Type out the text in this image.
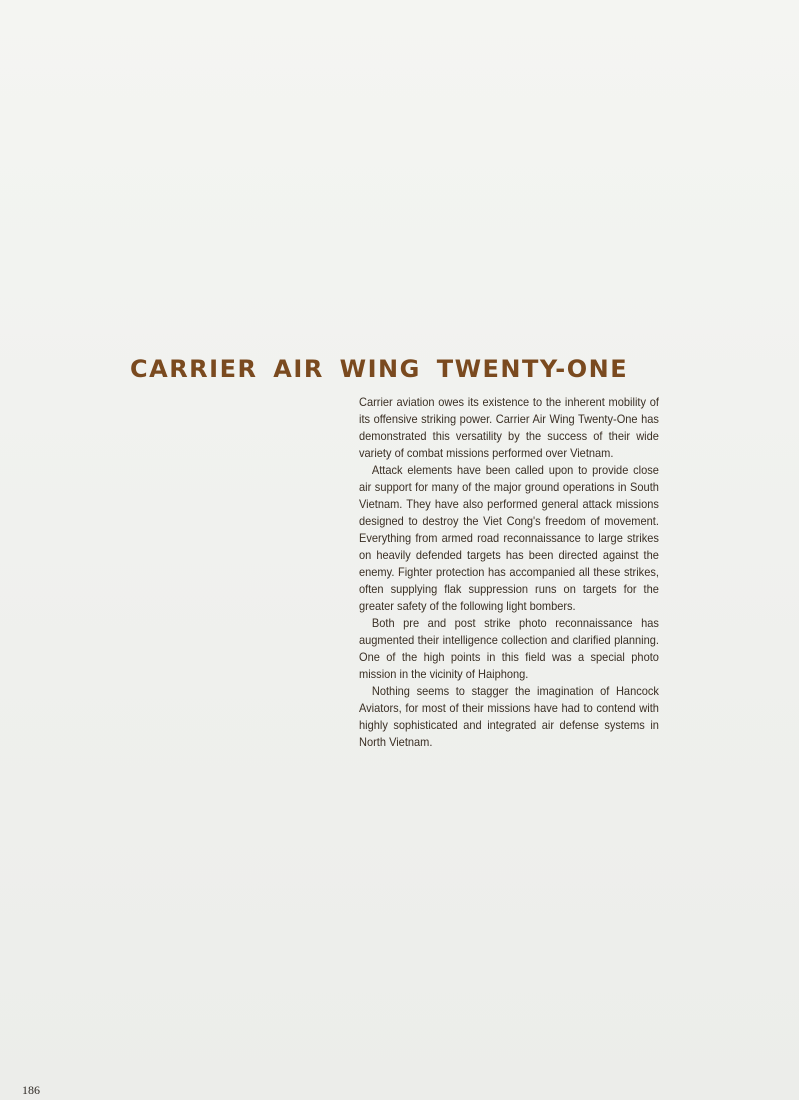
CARRIER AIR WING TWENTY-ONE

Carrier aviation owes its existence to the inherent mobility of its offensive striking power. Carrier Air Wing Twenty-One has demonstrated this versatility by the success of their wide variety of combat missions performed over Vietnam.

Attack elements have been called upon to provide close air support for many of the major ground operations in South Vietnam. They have also performed general attack missions designed to destroy the Viet Cong's freedom of movement. Everything from armed road reconnaissance to large strikes on heavily defended targets has been directed against the enemy. Fighter protection has accompanied all these strikes, often supplying flak suppression runs on targets for the greater safety of the following light bombers.

Both pre and post strike photo reconnaissance has augmented their intelligence collection and clarified planning. One of the high points in this field was a special photo mission in the vicinity of Haiphong.

Nothing seems to stagger the imagination of Hancock Aviators, for most of their missions have had to contend with highly sophisticated and integrated air defense systems in North Vietnam.

186
